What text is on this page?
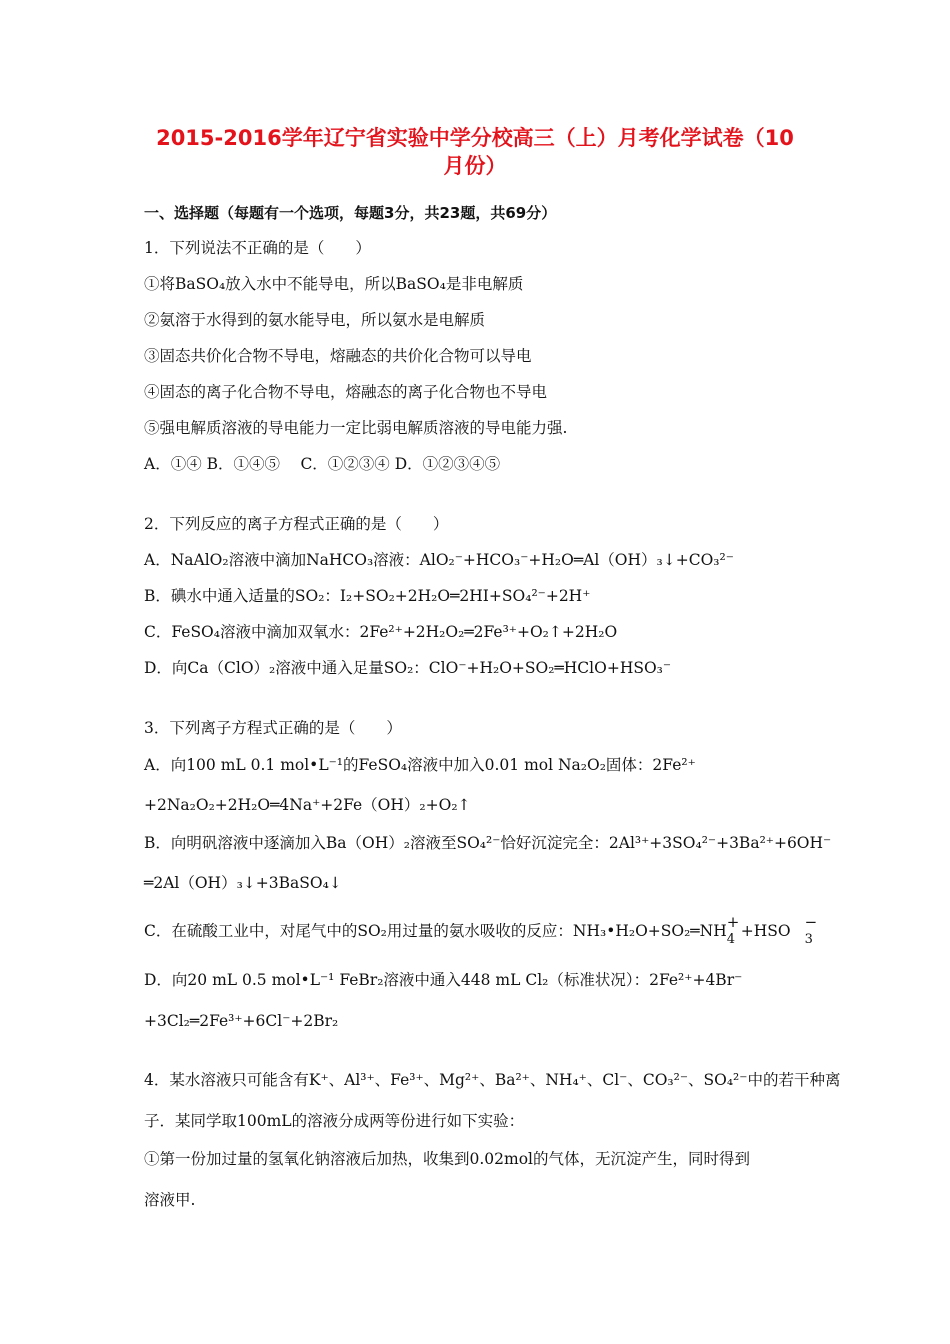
2015-2016学年辽宁省实验中学分校高三（上）月考化学试卷（10
月份）
一、选择题（每题有一个选项，每题3分，共23题，共69分）
1．下列说法不正确的是（　　）
①将BaSO₄放入水中不能导电，所以BaSO₄是非电解质
②氨溶于水得到的氨水能导电，所以氨水是电解质
③固态共价化合物不导电，熔融态的共价化合物可以导电
④固态的离子化合物不导电，熔融态的离子化合物也不导电
⑤强电解质溶液的导电能力一定比弱电解质溶液的导电能力强.
A．①④ B．①④⑤　 C．①②③④ D．①②③④⑤
2．下列反应的离子方程式正确的是（　　）
A．NaAlO₂溶液中滴加NaHCO₃溶液：AlO₂⁻+HCO₃⁻+H₂O═Al（OH）₃↓+CO₃²⁻
B．碘水中通入适量的SO₂：I₂+SO₂+2H₂O═2HI+SO₄²⁻+2H⁺
C．FeSO₄溶液中滴加双氧水：2Fe²⁺+2H₂O₂═2Fe³⁺+O₂↑+2H₂O
D．向Ca（ClO）₂溶液中通入足量SO₂：ClO⁻+H₂O+SO₂═HClO+HSO₃⁻
3．下列离子方程式正确的是（　　）
A．向100 mL 0.1 mol•L⁻¹的FeSO₄溶液中加入0.01 mol Na₂O₂固体：2Fe²⁺
+2Na₂O₂+2H₂O═4Na⁺+2Fe（OH）₂+O₂↑
B．向明矾溶液中逐滴加入Ba（OH）₂溶液至SO₄²⁻恰好沉淀完全：2Al³⁺+3SO₄²⁻+3Ba²⁺+6OH⁻
═2Al（OH）₃↓+3BaSO₄↓
C．在硫酸工业中，对尾气中的SO₂用过量的氨水吸收的反应：NH₃•H₂O+SO₂═NH +
4 +HSO −
3

D．向20 mL 0.5 mol•L⁻¹ FeBr₂溶液中通入448 mL Cl₂（标准状况）：2Fe²⁺+4Br⁻
+3Cl₂═2Fe³⁺+6Cl⁻+2Br₂
4．某水溶液只可能含有K⁺、Al³⁺、Fe³⁺、Mg²⁺、Ba²⁺、NH₄⁺、Cl⁻、CO₃²⁻、SO₄²⁻中的若干种离
子．某同学取100mL的溶液分成两等份进行如下实验：
①第一份加过量的氢氧化钠溶液后加热，收集到0.02mol的气体，无沉淀产生，同时得到
溶液甲.
